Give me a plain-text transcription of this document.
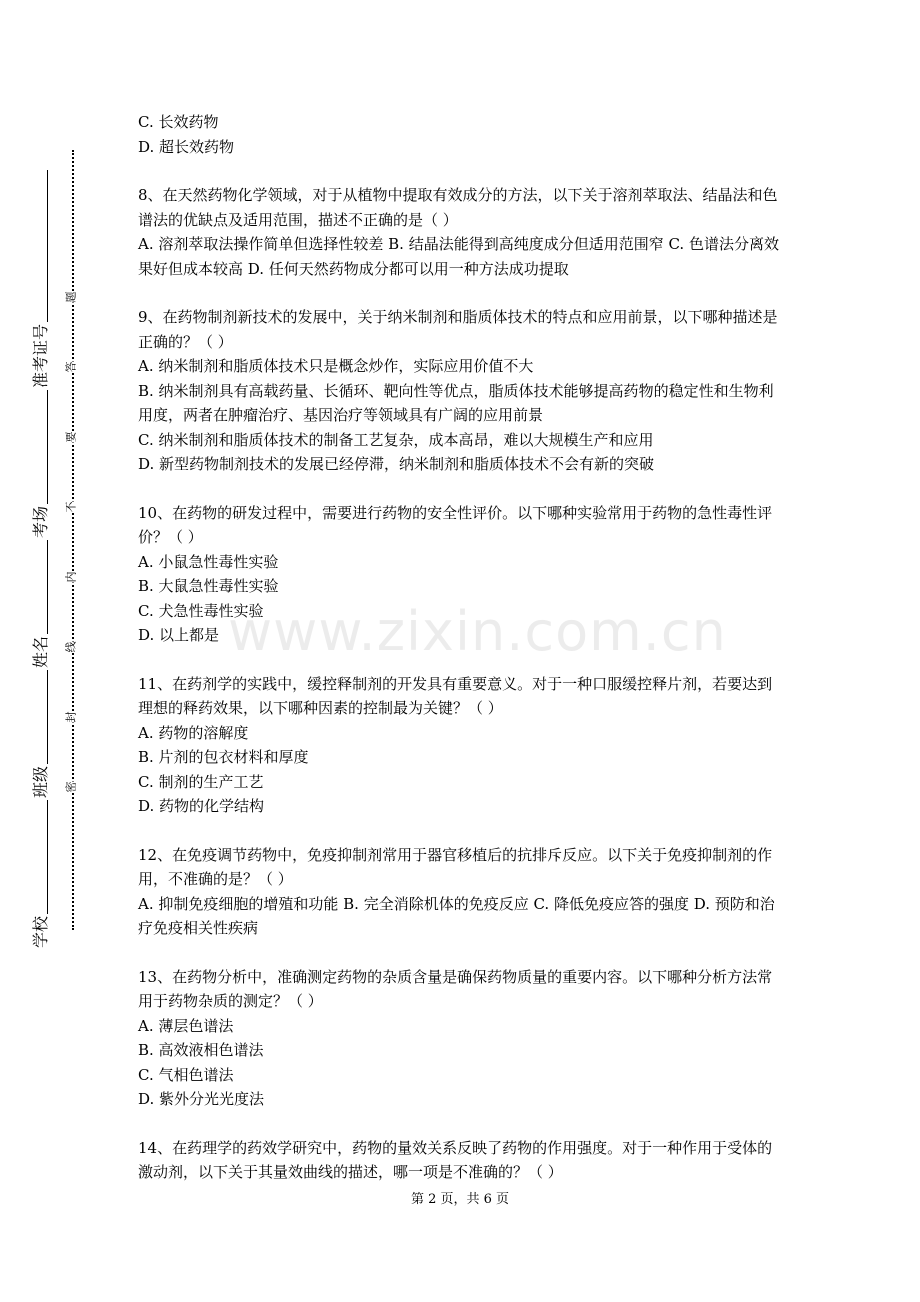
准考证号
考场
姓名
班级
学校
题
答
要
不
内
线
封
密
www.zixin.com.cn

C. 长效药物

D. 超长效药物

8、在天然药物化学领域，对于从植物中提取有效成分的方法，以下关于溶剂萃取法、结晶法和色谱法的优缺点及适用范围，描述不正确的是（ ）

A. 溶剂萃取法操作简单但选择性较差 B. 结晶法能得到高纯度成分但适用范围窄 C. 色谱法分离效果好但成本较高 D. 任何天然药物成分都可以用一种方法成功提取

9、在药物制剂新技术的发展中，关于纳米制剂和脂质体技术的特点和应用前景，以下哪种描述是正确的？（ ）

A. 纳米制剂和脂质体技术只是概念炒作，实际应用价值不大

B. 纳米制剂具有高载药量、长循环、靶向性等优点，脂质体技术能够提高药物的稳定性和生物利用度，两者在肿瘤治疗、基因治疗等领域具有广阔的应用前景

C. 纳米制剂和脂质体技术的制备工艺复杂，成本高昂，难以大规模生产和应用

D. 新型药物制剂技术的发展已经停滞，纳米制剂和脂质体技术不会有新的突破

10、在药物的研发过程中，需要进行药物的安全性评价。以下哪种实验常用于药物的急性毒性评价？（ ）

A. 小鼠急性毒性实验

B. 大鼠急性毒性实验

C. 犬急性毒性实验

D. 以上都是

11、在药剂学的实践中，缓控释制剂的开发具有重要意义。对于一种口服缓控释片剂，若要达到理想的释药效果，以下哪种因素的控制最为关键？（ ）

A. 药物的溶解度

B. 片剂的包衣材料和厚度

C. 制剂的生产工艺

D. 药物的化学结构

12、在免疫调节药物中，免疫抑制剂常用于器官移植后的抗排斥反应。以下关于免疫抑制剂的作用，不准确的是？（ ）

A. 抑制免疫细胞的增殖和功能 B. 完全消除机体的免疫反应 C. 降低免疫应答的强度 D. 预防和治疗免疫相关性疾病

13、在药物分析中，准确测定药物的杂质含量是确保药物质量的重要内容。以下哪种分析方法常用于药物杂质的测定？（ ）

A. 薄层色谱法

B. 高效液相色谱法

C. 气相色谱法

D. 紫外分光光度法

14、在药理学的药效学研究中，药物的量效关系反映了药物的作用强度。对于一种作用于受体的激动剂，以下关于其量效曲线的描述，哪一项是不准确的？（ ）

第 2 页，共 6 页
